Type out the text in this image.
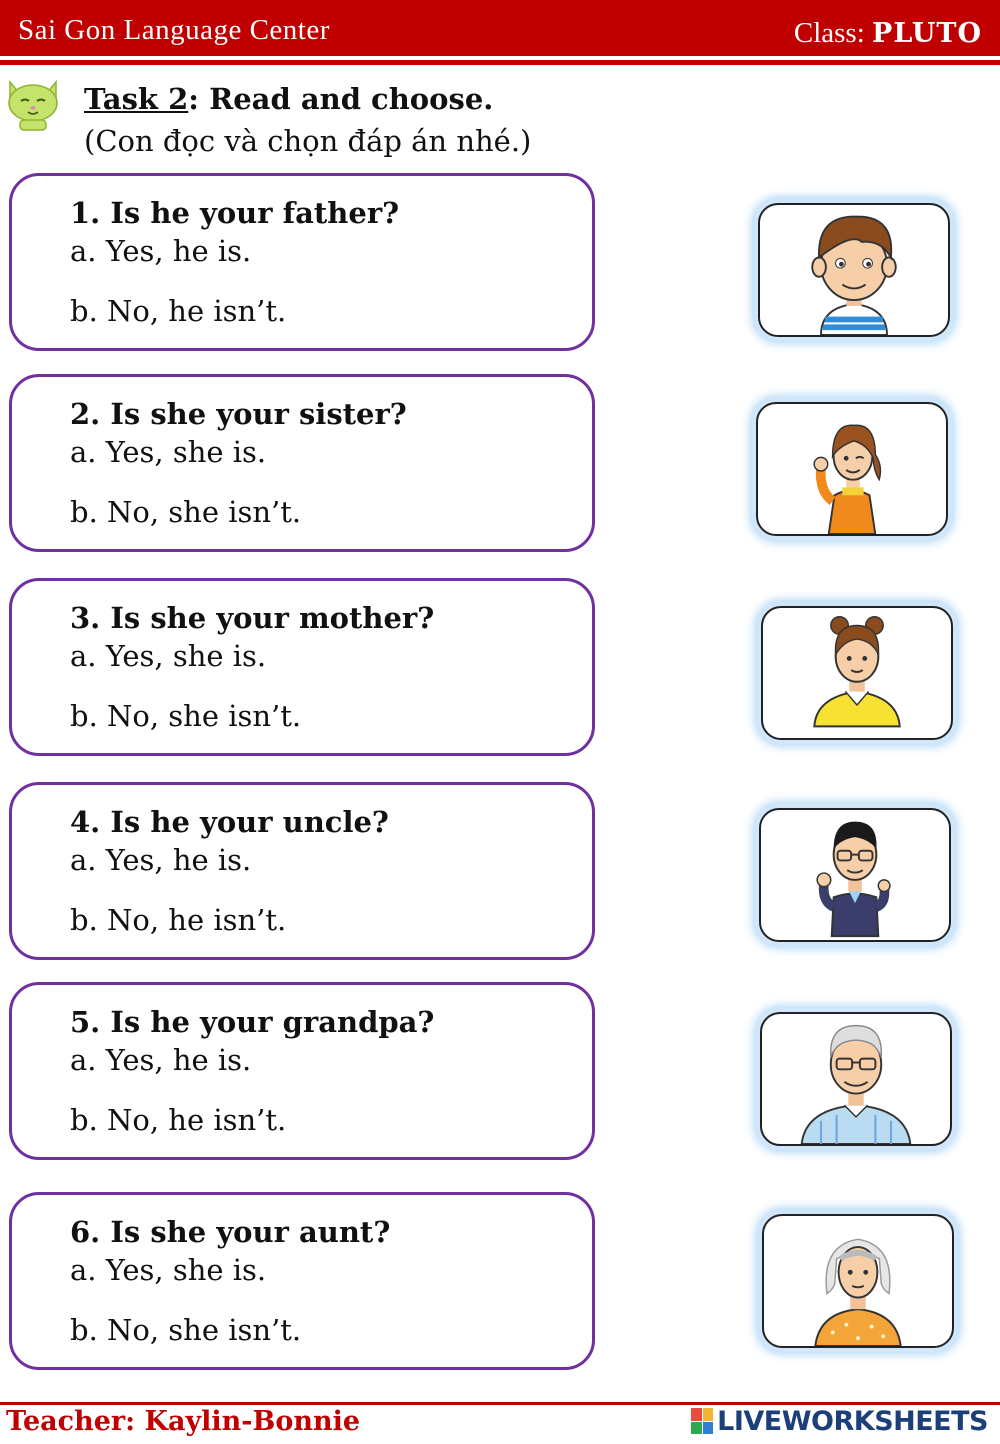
Sai Gon Language Center	Class: PLUTO
Task 2: Read and choose.
(Con đọc và chọn đáp án nhé.)
1. Is he your father?
a. Yes, he is.
b. No, he isn’t.
2. Is she your sister?
a. Yes, she is.
b. No, she isn’t.
3. Is she your mother?
a. Yes, she is.
b. No, she isn’t.
4. Is he your uncle?
a. Yes, he is.
b. No, he isn’t.
5. Is he your grandpa?
a. Yes, he is.
b. No, he isn’t.
6. Is she your aunt?
a. Yes, she is.
b. No, she isn’t.
Teacher: Kaylin-Bonnie	LIVEWORKSHEETS
